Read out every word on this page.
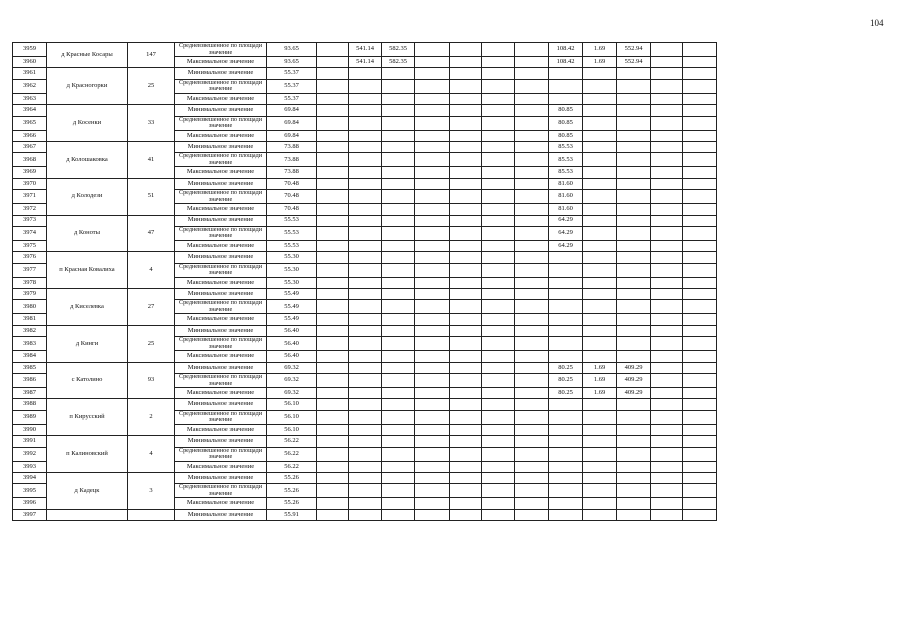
104
3959	д Красные Косары	147	Средневзвешенное по площади значение	93.65		541.14	582.35					108.42	1.69	552.94		
3960			Максимальное значение	93.65		541.14	582.35					108.42	1.69	552.94		
3961	д Красногорки	25	Минимальное значение	55.37												
3962			Средневзвешенное по площади значение	55.37												
3963			Максимальное значение	55.37												
3964	д Косенки	33	Минимальное значение	69.84								80.85				
3965			Средневзвешенное по площади значение	69.84								80.85				
3966			Максимальное значение	69.84								80.85				
3967	д Колошаковка	41	Минимальное значение	73.88								85.53				
3968			Средневзвешенное по площади значение	73.88								85.53				
3969			Максимальное значение	73.88								85.53				
3970	д Колодези	51	Минимальное значение	70.48								81.60				
3971			Средневзвешенное по площади значение	70.48								81.60				
3972			Максимальное значение	70.48								81.60				
3973	д Коноты	47	Минимальное значение	55.53								64.29				
3974			Средневзвешенное по площади значение	55.53								64.29				
3975			Максимальное значение	55.53								64.29				
3976	п Красная Ковалиха	4	Минимальное значение	55.30												
3977			Средневзвешенное по площади значение	55.30												
3978			Максимальное значение	55.30												
3979	д Киселевка	27	Минимальное значение	55.49												
3980			Средневзвешенное по площади значение	55.49												
3981			Максимальное значение	55.49												
3982	д Кинги	25	Минимальное значение	56.40												
3983			Средневзвешенное по площади значение	56.40												
3984			Максимальное значение	56.40												
3985	с Католино	93	Минимальное значение	69.32								80.25	1.69	409.29		
3986			Средневзвешенное по площади значение	69.32								80.25	1.69	409.29		
3987			Максимальное значение	69.32								80.25	1.69	409.29		
3988	п Кирусский	2	Минимальное значение	56.10												
3989			Средневзвешенное по площади значение	56.10												
3990			Максимальное значение	56.10												
3991	п Калиновский	4	Минимальное значение	56.22												
3992			Средневзвешенное по площади значение	56.22												
3993			Максимальное значение	56.22												
3994	д Кадецк	3	Минимальное значение	55.26												
3995			Средневзвешенное по площади значение	55.26												
3996			Максимальное значение	55.26												
3997			Минимальное значение	55.91												
